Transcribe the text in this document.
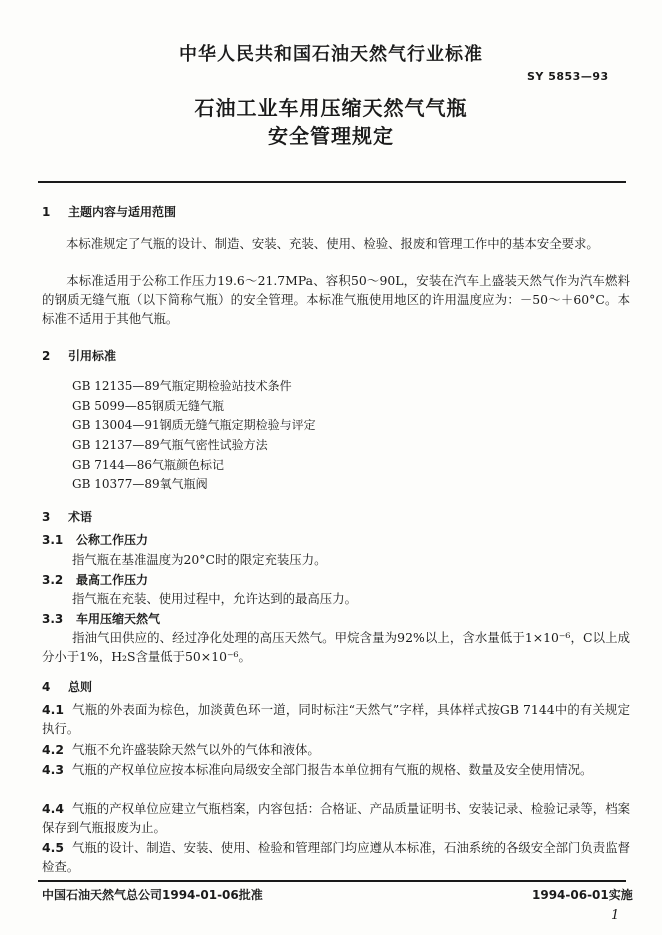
中华人民共和国石油天然气行业标准
SY 5853—93
石油工业车用压缩天然气气瓶
安全管理规定
1 主题内容与适用范围
本标准规定了气瓶的设计、制造、安装、充装、使用、检验、报废和管理工作中的基本安全要求。
本标准适用于公称工作压力19.6～21.7MPa、容积50～90L，安装在汽车上盛装天然气作为汽车燃料的钢质无缝气瓶（以下简称气瓶）的安全管理。本标准气瓶使用地区的许用温度应为：－50～＋60°C。本标准不适用于其他气瓶。
2 引用标准
GB 12135—89气瓶定期检验站技术条件
GB 5099—85钢质无缝气瓶
GB 13004—91钢质无缝气瓶定期检验与评定
GB 12137—89气瓶气密性试验方法
GB 7144—86气瓶颜色标记
GB 10377—89氧气瓶阀
3 术语
3.1 公称工作压力
指气瓶在基准温度为20°C时的限定充装压力。
3.2 最高工作压力
指气瓶在充装、使用过程中，允许达到的最高压力。
3.3 车用压缩天然气
指油气田供应的、经过净化处理的高压天然气。甲烷含量为92%以上，含水量低于1×10⁻⁶，C以上成分小于1%，H₂S含量低于50×10⁻⁶。
4 总则
4.1 气瓶的外表面为棕色，加淡黄色环一道，同时标注“天然气”字样，具体样式按GB 7144中的有关规定执行。
4.2 气瓶不允许盛装除天然气以外的气体和液体。
4.3 气瓶的产权单位应按本标准向局级安全部门报告本单位拥有气瓶的规格、数量及安全使用情况。
4.4 气瓶的产权单位应建立气瓶档案，内容包括：合格证、产品质量证明书、安装记录、检验记录等，档案保存到气瓶报废为止。
4.5 气瓶的设计、制造、安装、使用、检验和管理部门均应遵从本标准，石油系统的各级安全部门负责监督检查。
中国石油天然气总公司1994-01-06批准	1994-06-01实施
1
